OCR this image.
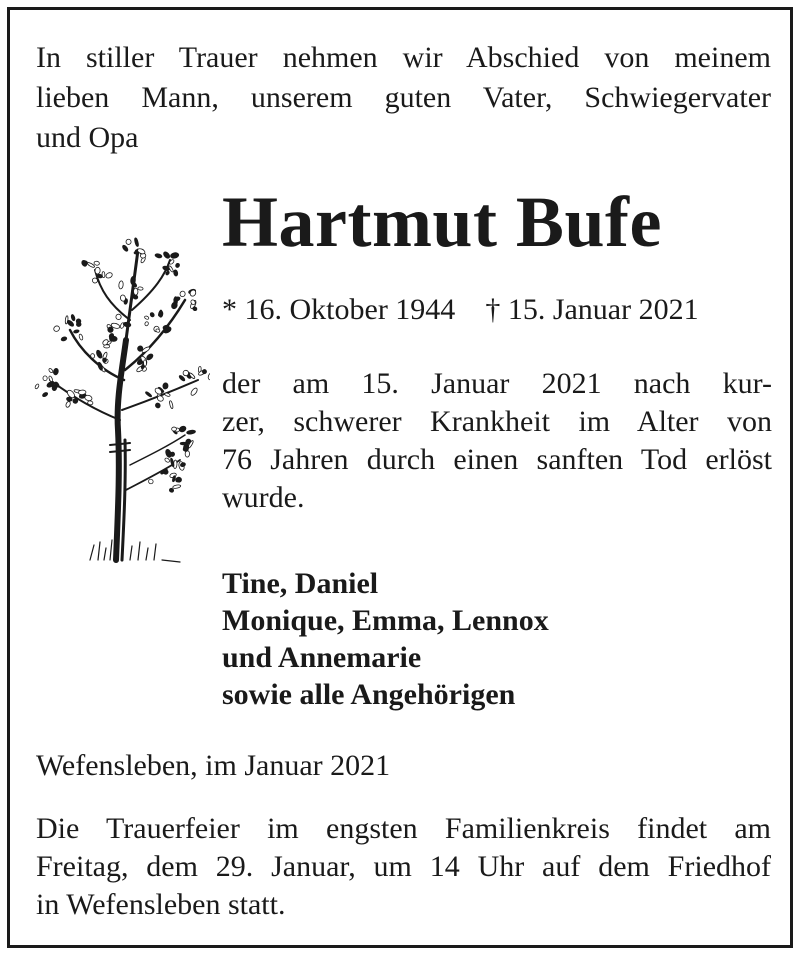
In stiller Trauer nehmen wir Abschied von meinem
lieben Mann, unserem guten Vater, Schwiegervater
und Opa
Hartmut Bufe
* 16. Oktober 1944 † 15. Januar 2021
der am 15. Januar 2021 nach kur-
zer, schwerer Krankheit im Alter von
76 Jahren durch einen sanften Tod erlöst
wurde.
Tine, Daniel
Monique, Emma, Lennox
und Annemarie
sowie alle Angehörigen
Wefensleben, im Januar 2021
Die Trauerfeier im engsten Familienkreis findet am
Freitag, dem 29. Januar, um 14 Uhr auf dem Friedhof
in Wefensleben statt.
